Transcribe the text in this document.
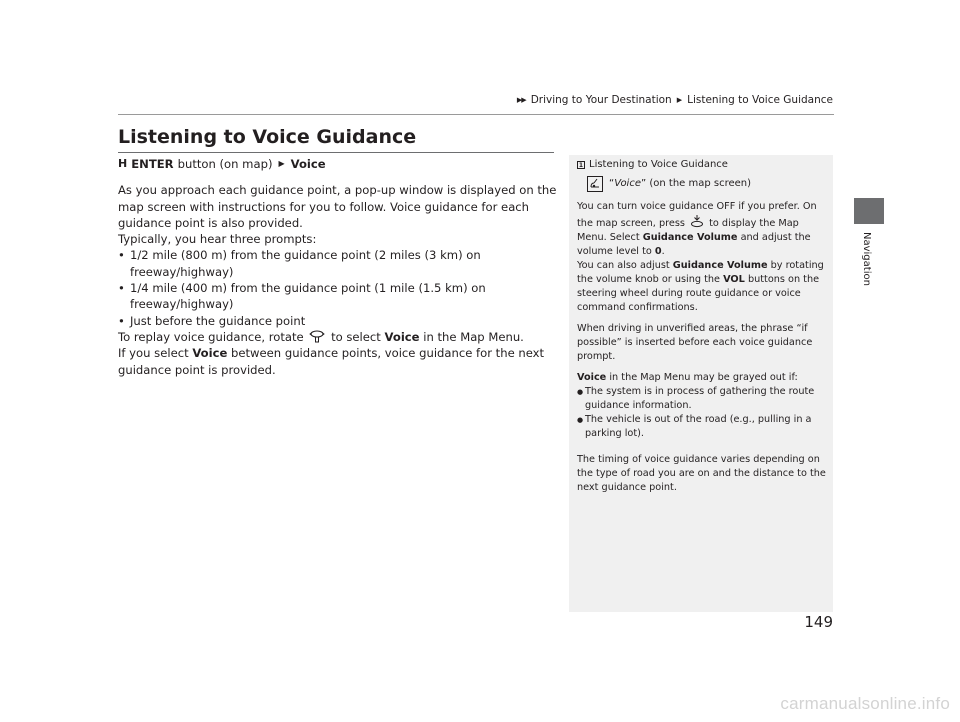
▶▶ Driving to Your Destination ▶ Listening to Voice Guidance
Navigation
Listening to Voice Guidance
H ENTER button (on map) ▶ Voice
As you approach each guidance point, a pop-up window is displayed on the map screen with instructions for you to follow. Voice guidance for each guidance point is also provided.
Typically, you hear three prompts:
• 1/2 mile (800 m) from the guidance point (2 miles (3 km) on freeway/highway)
• 1/4 mile (400 m) from the guidance point (1 mile (1.5 km) on freeway/highway)
• Just before the guidance point
To replay voice guidance, rotate to select Voice in the Map Menu.
If you select Voice between guidance points, voice guidance for the next guidance point is provided.
1 Listening to Voice Guidance
“Voice” (on the map screen)

You can turn voice guidance OFF if you prefer. On the map screen, press to display the Map Menu. Select Guidance Volume and adjust the volume level to 0.
You can also adjust Guidance Volume by rotating the volume knob or using the VOL buttons on the steering wheel during route guidance or voice command confirmations.

When driving in unverified areas, the phrase “if possible” is inserted before each voice guidance prompt.

Voice in the Map Menu may be grayed out if:

● The system is in process of gathering the route guidance information.
● The vehicle is out of the road (e.g., pulling in a parking lot).

The timing of voice guidance varies depending on the type of road you are on and the distance to the next guidance point.

149
carmanualsonline.info
